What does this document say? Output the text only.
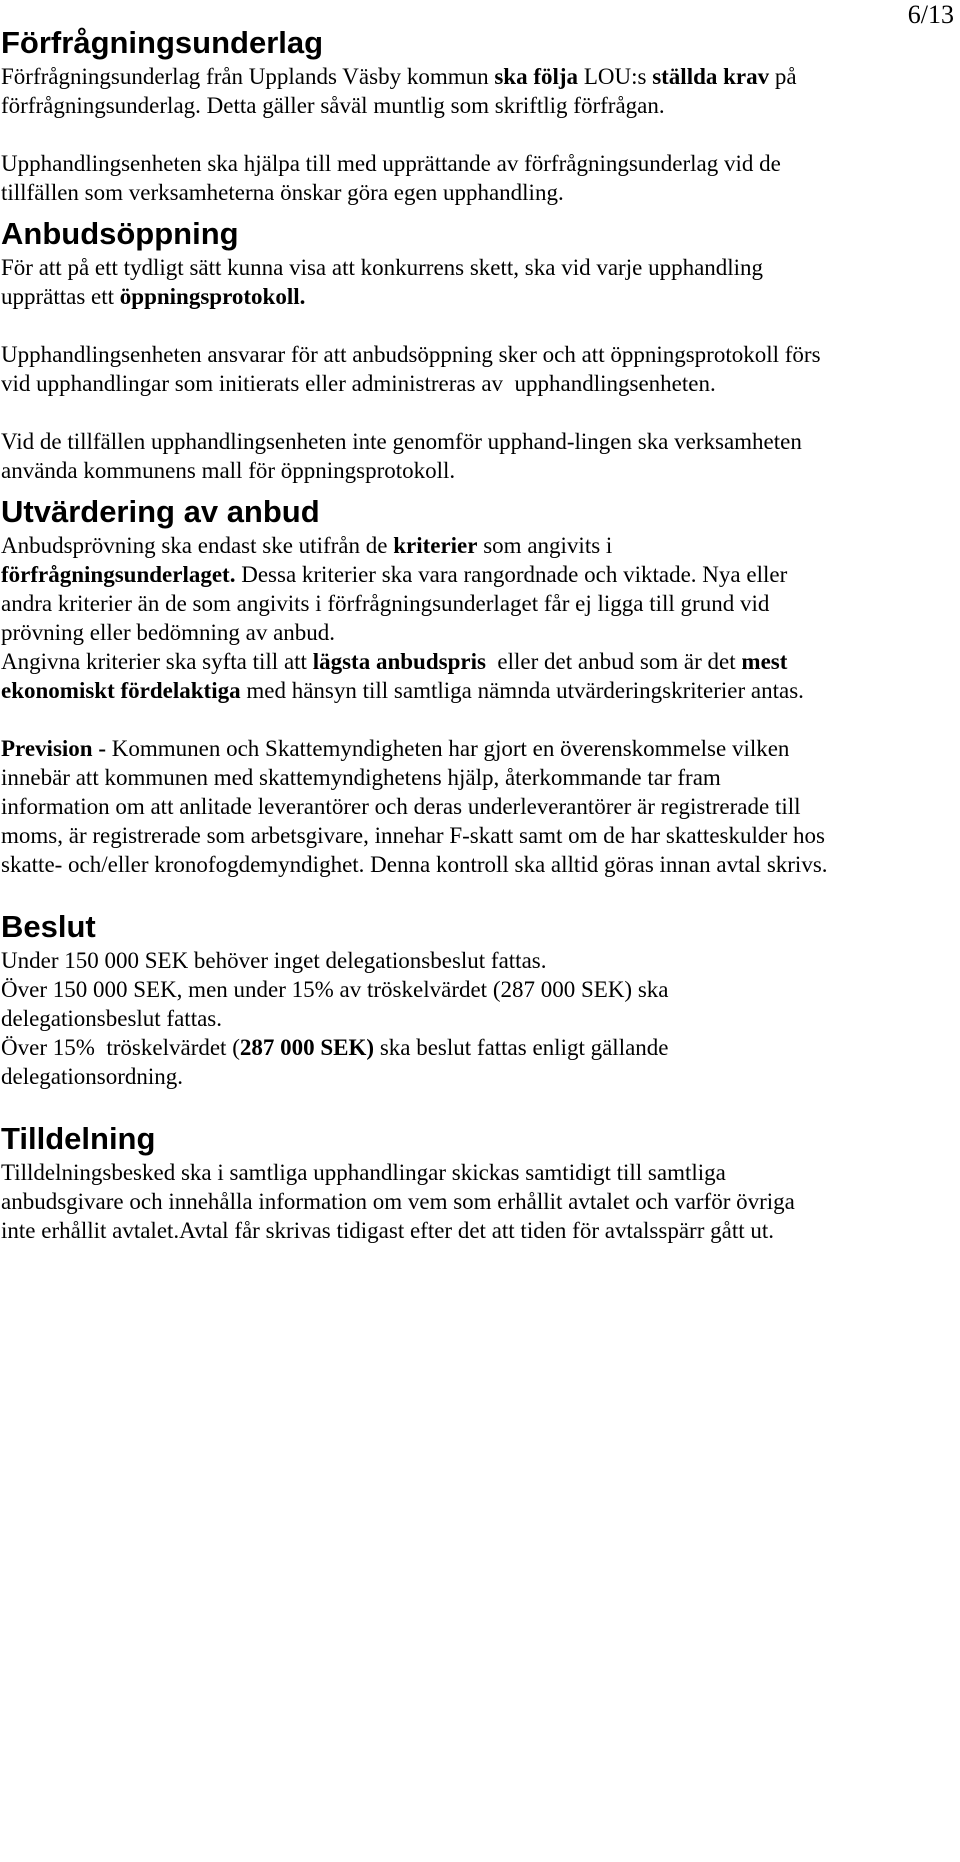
6/13
Förfrågningsunderlag

Förfrågningsunderlag från Upplands Väsby kommun ska följa LOU:s ställda krav på förfrågningsunderlag. Detta gäller såväl muntlig som skriftlig förfrågan.

Upphandlingsenheten ska hjälpa till med upprättande av förfrågningsunderlag vid de tillfällen som verksamheterna önskar göra egen upphandling.

Anbudsöppning

För att på ett tydligt sätt kunna visa att konkurrens skett, ska vid varje upphandling upprättas ett öppningsprotokoll.

Upphandlingsenheten ansvarar för att anbudsöppning sker och att öppningsprotokoll förs vid upphandlingar som initierats eller administreras av  upphandlingsenheten.

Vid de tillfällen upphandlingsenheten inte genomför upphand-lingen ska verksamheten använda kommunens mall för öppningsprotokoll.

Utvärdering av anbud

Anbudsprövning ska endast ske utifrån de kriterier som angivits i förfrågningsunderlaget. Dessa kriterier ska vara rangordnade och viktade. Nya eller andra kriterier än de som angivits i förfrågningsunderlaget får ej ligga till grund vid prövning eller bedömning av anbud.

Angivna kriterier ska syfta till att lägsta anbudspris  eller det anbud som är det mest ekonomiskt fördelaktiga med hänsyn till samtliga nämnda utvärderingskriterier antas.

Prevision - Kommunen och Skattemyndigheten har gjort en överenskommelse vilken innebär att kommunen med skattemyndighetens hjälp, återkommande tar fram information om att anlitade leverantörer och deras underleverantörer är registrerade till moms, är registrerade som arbetsgivare, innehar F-skatt samt om de har skatteskulder hos skatte- och/eller kronofogdemyndighet. Denna kontroll ska alltid göras innan avtal skrivs.

Beslut

Under 150 000 SEK behöver inget delegationsbeslut fattas.

Över 150 000 SEK, men under 15% av tröskelvärdet (287 000 SEK) ska delegationsbeslut fattas.

Över 15%  tröskelvärdet (287 000 SEK) ska beslut fattas enligt gällande delegationsordning.

Tilldelning

Tilldelningsbesked ska i samtliga upphandlingar skickas samtidigt till samtliga anbudsgivare och innehålla information om vem som erhållit avtalet och varför övriga inte erhållit avtalet.Avtal får skrivas tidigast efter det att tiden för avtalsspärr gått ut.
